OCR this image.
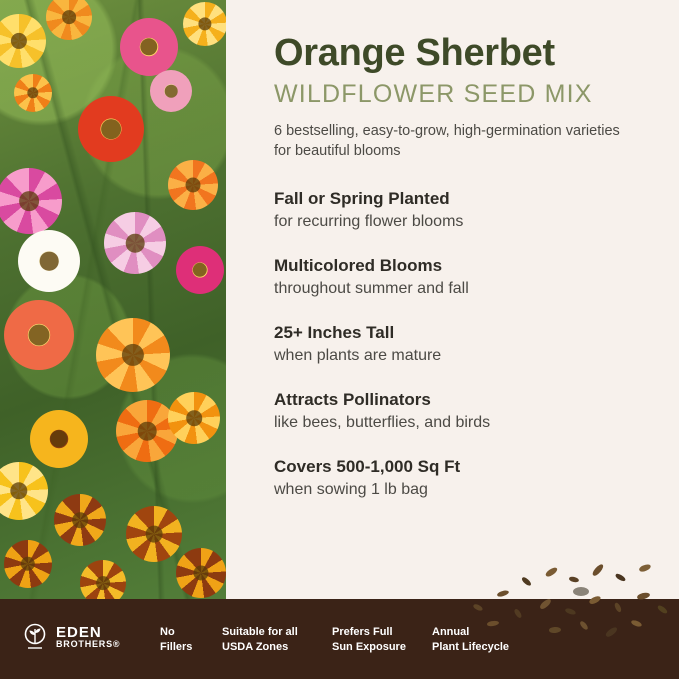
Orange Sherbet
WILDFLOWER SEED MIX

6 bestselling, easy-to-grow, high-germination varieties for beautiful blooms

Fall or Spring Planted
for recurring flower blooms
Multicolored Blooms
throughout summer and fall
25+ Inches Tall
when plants are mature
Attracts Pollinators
like bees, butterflies, and birds
Covers 500-1,000 Sq Ft
when sowing 1 lb bag
EDEN
BROTHERS®
No
Fillers
Suitable for all
USDA Zones
Prefers Full
Sun Exposure
Annual
Plant Lifecycle
